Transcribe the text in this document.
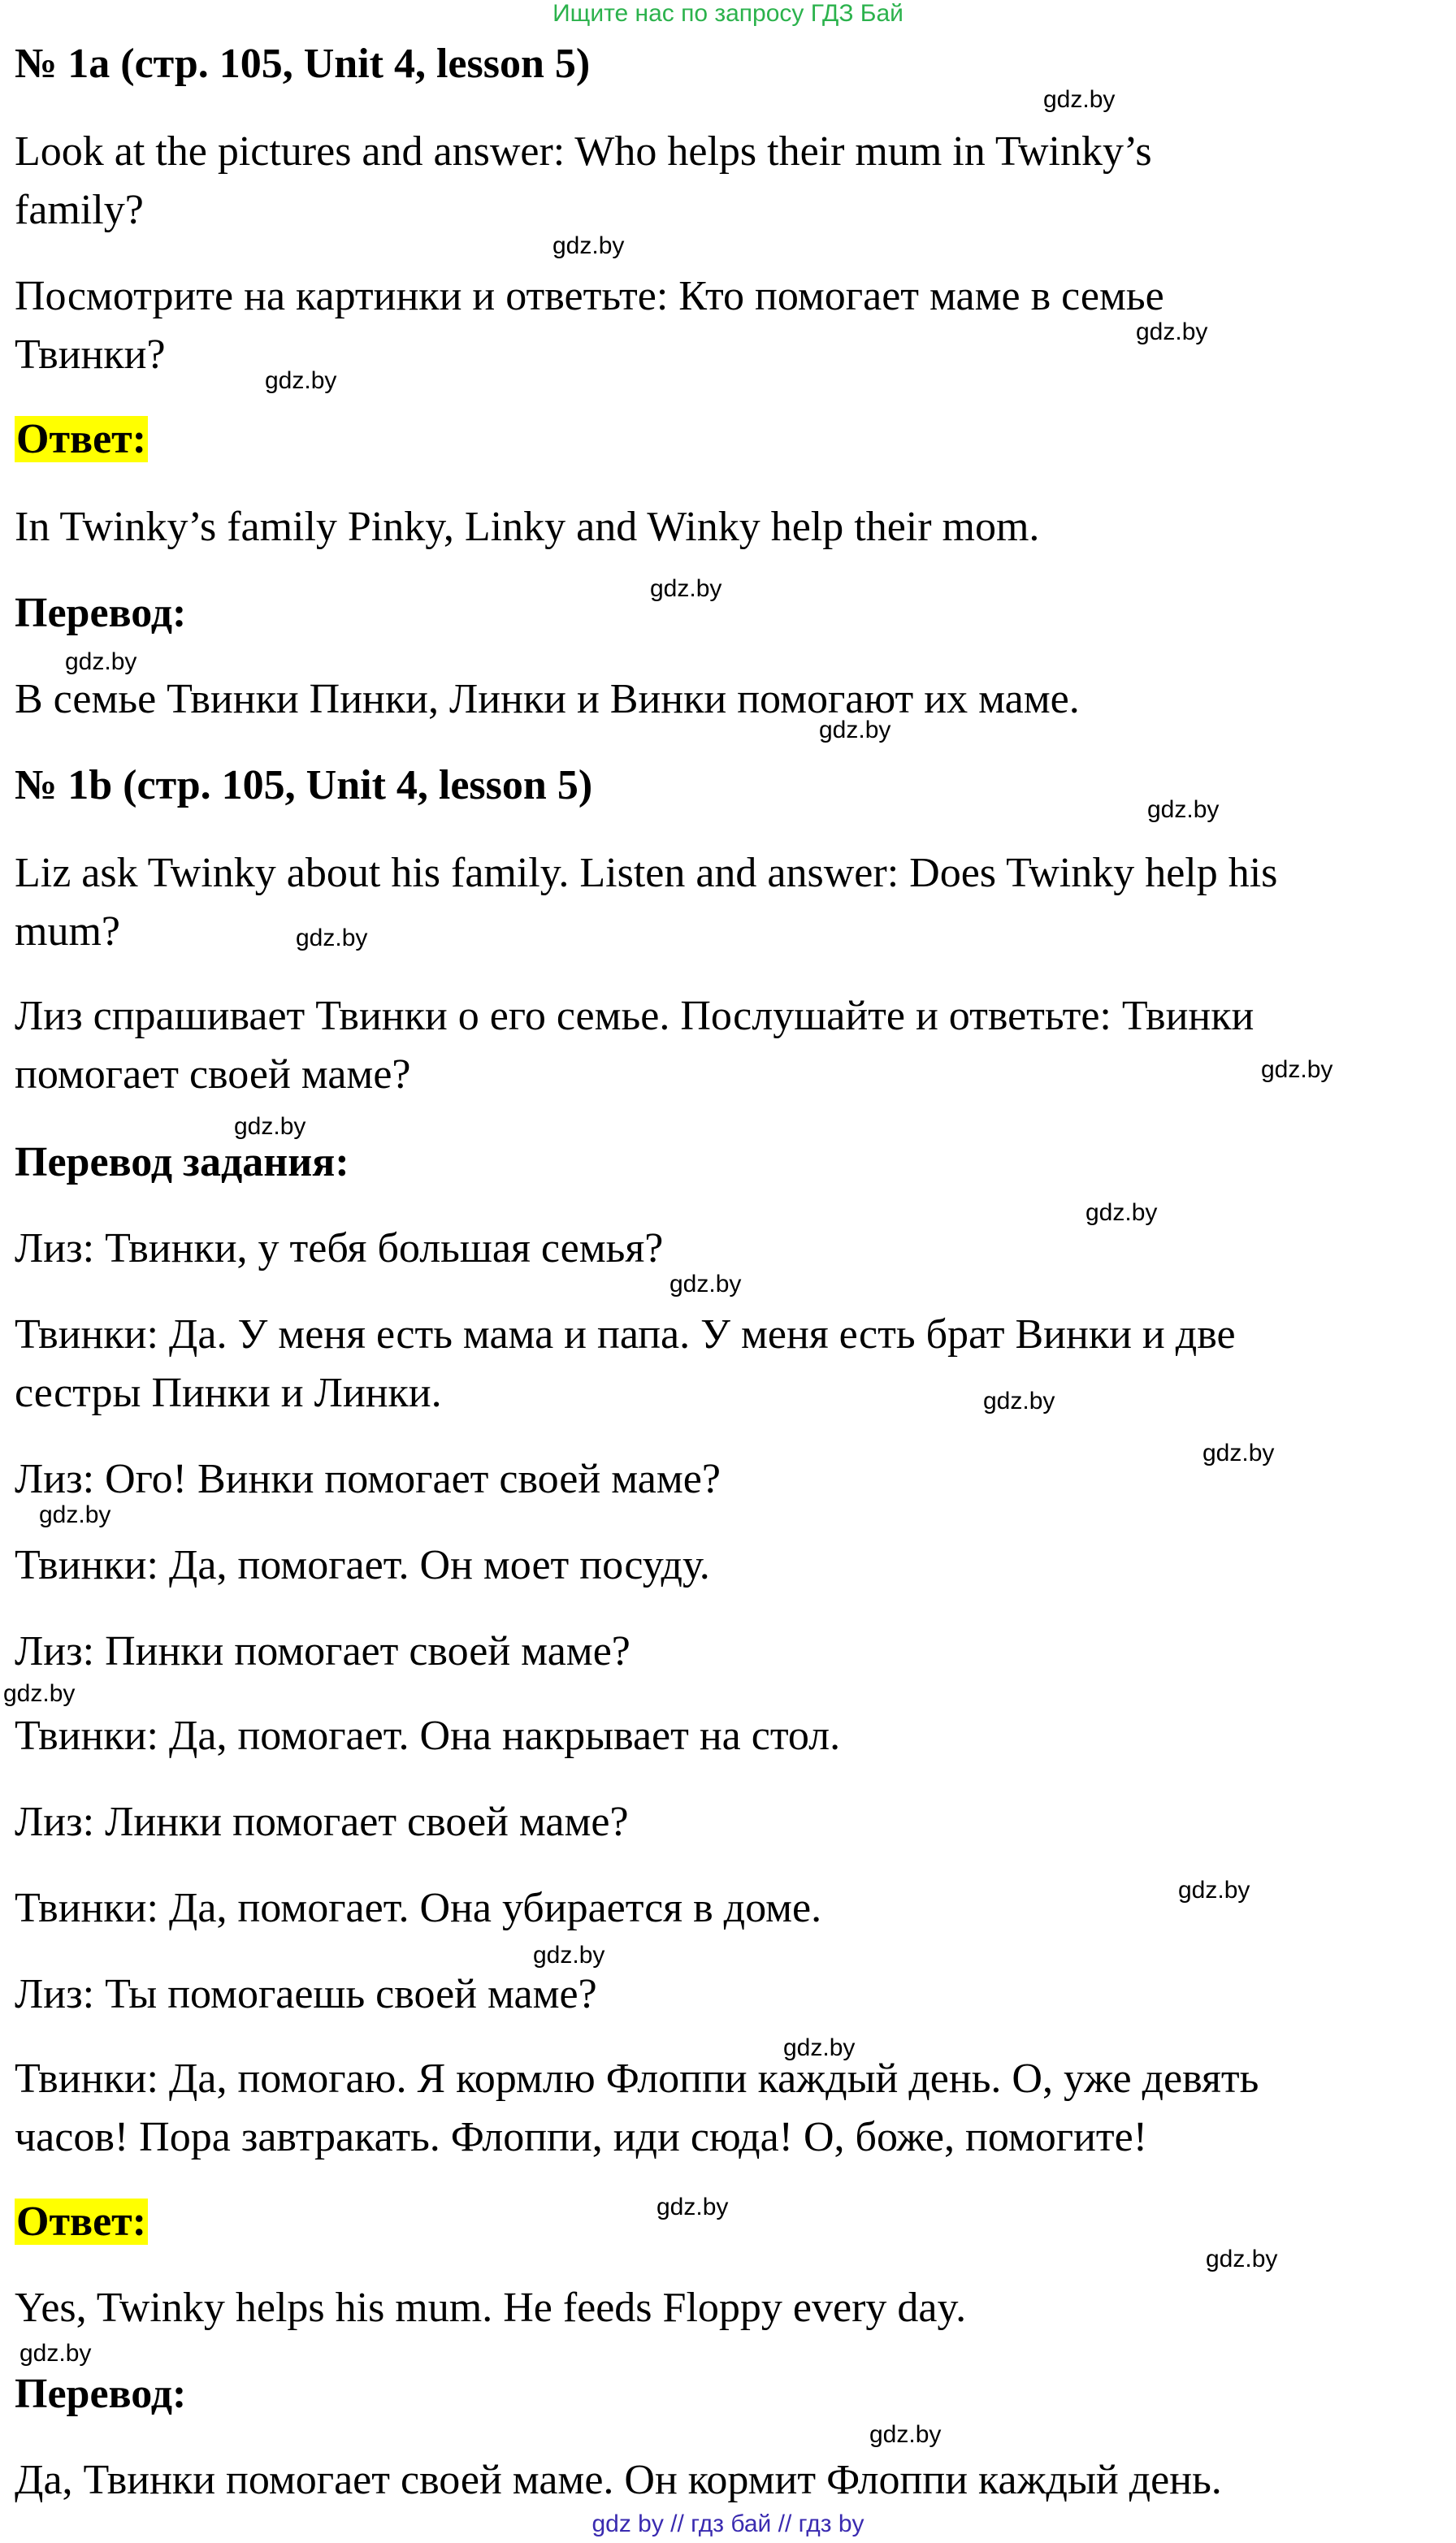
Ищите нас по запросу ГДЗ Бай
№ 1a (стр. 105, Unit 4, lesson 5)
Look at the pictures and answer: Who helps their mum in Twinky’s
family?
Посмотрите на картинки и ответьте: Кто помогает маме в семье
Твинки?
Ответ:
In Twinky’s family Pinky, Linky and Winky help their mom.
Перевод:
В семье Твинки Пинки, Линки и Винки помогают их маме.
№ 1b (стр. 105, Unit 4, lesson 5)
Liz ask Twinky about his family. Listen and answer: Does Twinky help his
mum?
Лиз спрашивает Твинки о его семье. Послушайте и ответьте: Твинки
помогает своей маме?
Перевод задания:
Лиз: Твинки, у тебя большая семья?
Твинки: Да. У меня есть мама и папа. У меня есть брат Винки и две
сестры Пинки и Линки.
Лиз: Ого! Винки помогает своей маме?
Твинки: Да, помогает. Он моет посуду.
Лиз: Пинки помогает своей маме?
Твинки: Да, помогает. Она накрывает на стол.
Лиз: Линки помогает своей маме?
Твинки: Да, помогает. Она убирается в доме.
Лиз: Ты помогаешь своей маме?
Твинки: Да, помогаю. Я кормлю Флоппи каждый день. О, уже девять
часов! Пора завтракать. Флоппи, иди сюда! О, боже, помогите!
Ответ:
Yes, Twinky helps his mum. He feeds Floppy every day.
Перевод:
Да, Твинки помогает своей маме. Он кормит Флоппи каждый день.
gdz.by
gdz.by
gdz.by
gdz.by
gdz.by
gdz.by
gdz.by
gdz.by
gdz.by
gdz.by
gdz.by
gdz.by
gdz.by
gdz.by
gdz.by
gdz.by
gdz.by
gdz.by
gdz.by
gdz.by
gdz.by
gdz.by
gdz.by
gdz.by
gdz by // гдз бай // гдз by
